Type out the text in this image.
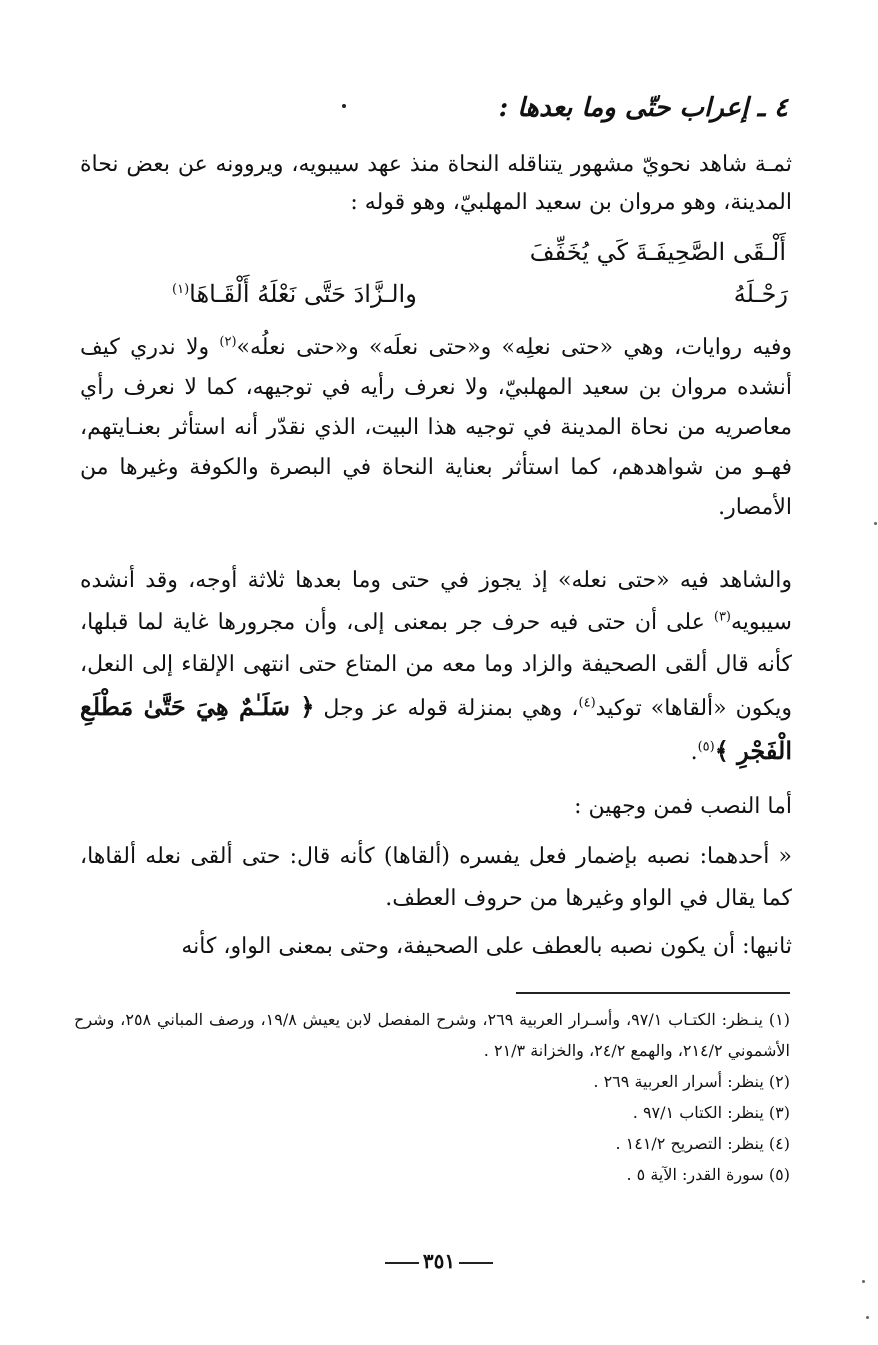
٤ ـ إعراب حتّى وما بعدها :
ثمـة شاهد نحويّ مشهور يتناقله النحاة منذ عهد سيبويه، ويروونه عن بعض نحاة المدينة، وهو مروان بن سعيد المهلبيّ، وهو قوله :
أَلْـقَى الصَّحِيفَـةَ كَي يُخَفِّفَ
رَحْـلَهُ
والـزَّادَ حَتَّى نَعْلَهُ أَلْقَـاهَا$^{(١)}$
وفيه روايات، وهي «حتى نعلِه» و«حتى نعلَه» و«حتى نعلُه»$^{(٢)}$ ولا ندري كيف أنشده مروان بن سعيد المهلبيّ، ولا نعرف رأيه في توجيهه، كما لا نعرف رأي معاصريه من نحاة المدينة في توجيه هذا البيت، الذي نقدّر أنه استأثر بعنـايتهم، فهـو من شواهدهم، كما استأثر بعناية النحاة في البصرة والكوفة وغيرها من الأمصار.
والشاهد فيه «حتى نعله» إذ يجوز في حتى وما بعدها ثلاثة أوجه، وقد أنشده سيبويه$^{(٣)}$ على أن حتى فيه حرف جر بمعنى إلى، وأن مجرورها غاية لما قبلها، كأنه قال ألقى الصحيفة والزاد وما معه من المتاع حتى انتهى الإلقاء إلى النعل، ويكون «ألقاها» توكيد$^{(٤)}$، وهي بمنزلة قوله عز وجل ﴿ سَلَـٰمٌ هِيَ حَتَّىٰ مَطْلَعِ الْفَجْرِ ﴾$^{(٥)}$.
أما النصب فمن وجهين :
« أحدهما: نصبه بإضمار فعل يفسره (ألقاها) كأنه قال: حتى ألقى نعله ألقاها، كما يقال في الواو وغيرها من حروف العطف.
ثانيها: أن يكون نصبه بالعطف على الصحيفة، وحتى بمعنى الواو، كأنه

(١) ينـظر: الكتـاب ٩٧/١، وأسـرار العربية ٢٦٩، وشرح المفصل لابن يعيش ١٩/٨، ورصف المباني ٢٥٨، وشرح الأشموني ٢١٤/٢، والهمع ٢٤/٢، والخزانة ٢١/٣ .

(٢) ينظر: أسرار العربية ٢٦٩ .

(٣) ينظر: الكتاب ٩٧/١ .

(٤) ينظر: التصريح ١٤١/٢ .

(٥) سورة القدر: الآية ٥ .

٣٥١
